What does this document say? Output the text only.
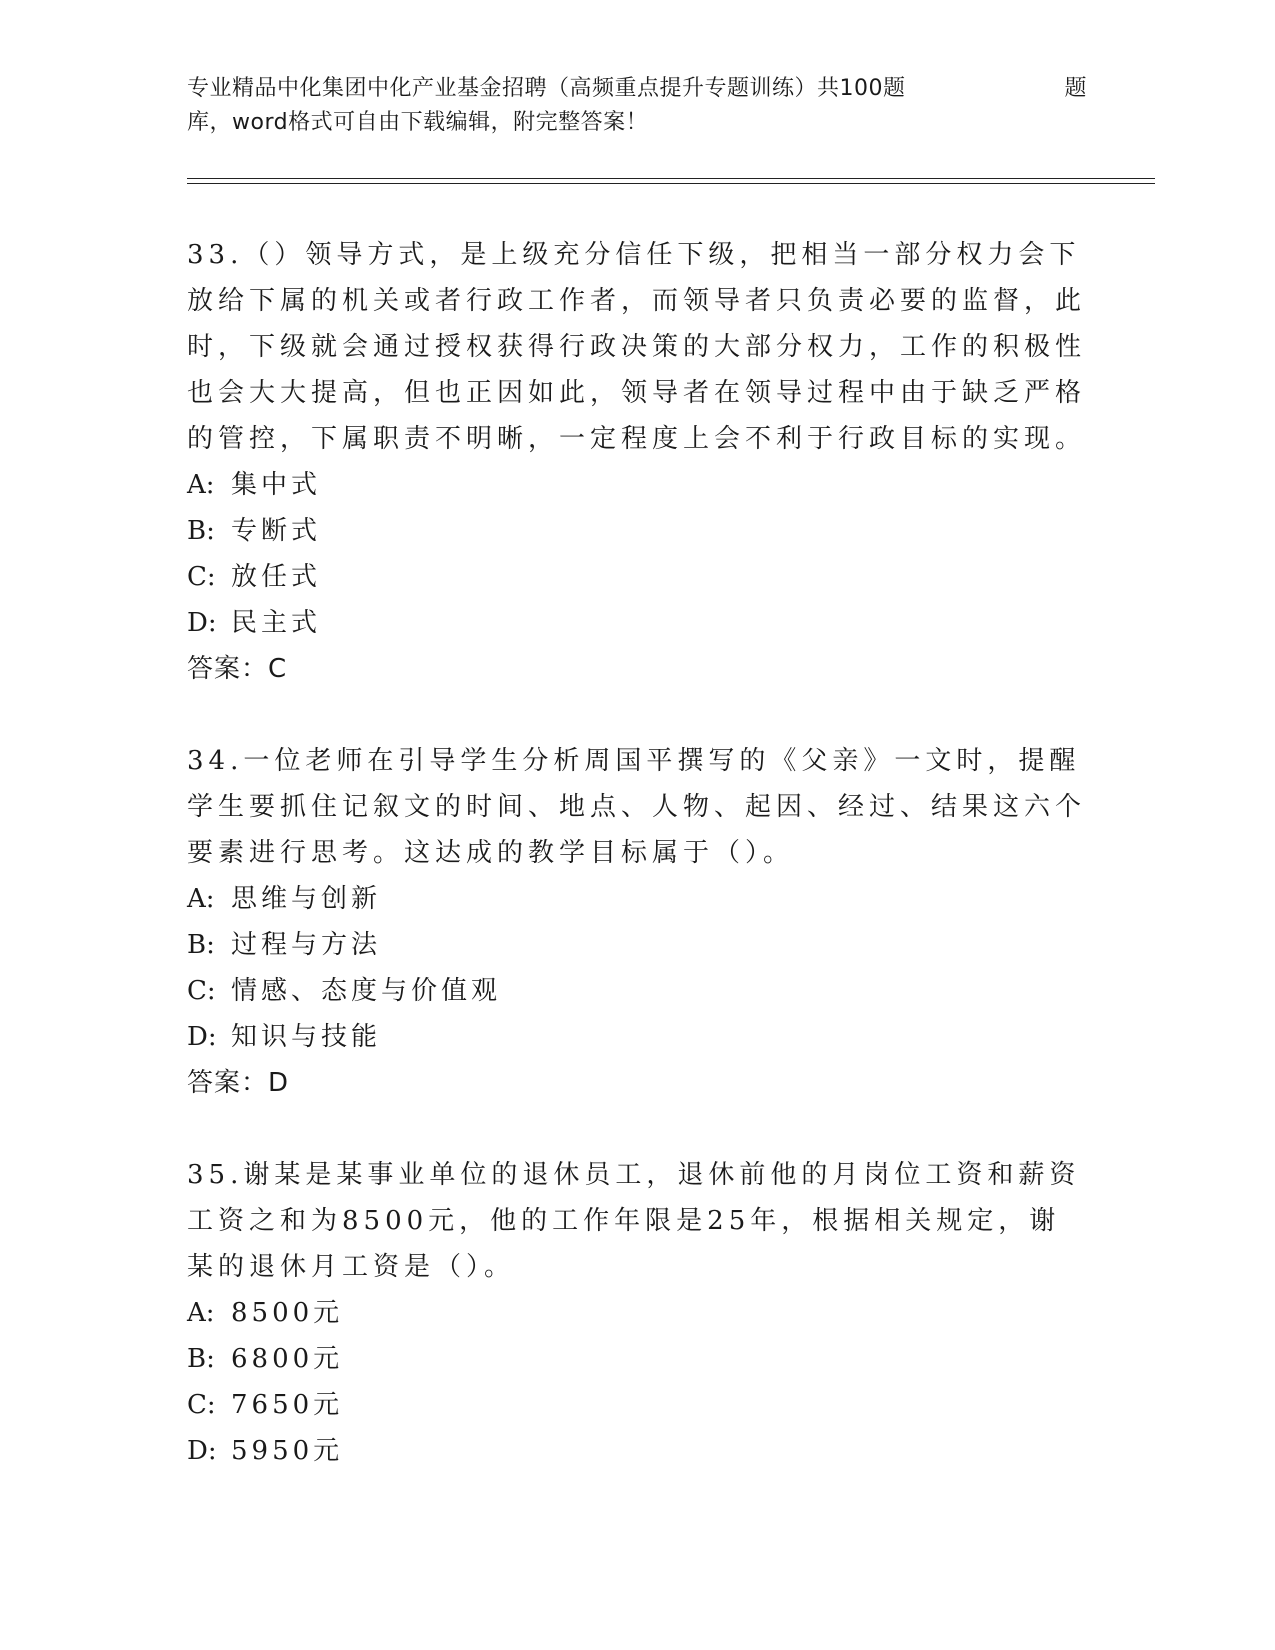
专业精品中化集团中化产业基金招聘（高频重点提升专题训练）共100题	题
库，word格式可自由下载编辑，附完整答案！

33.（）领导方式，是上级充分信任下级，把相当一部分权力会下放给下属的机关或者行政工作者，而领导者只负责必要的监督，此时，下级就会通过授权获得行政决策的大部分权力，工作的积极性也会大大提高，但也正因如此，领导者在领导过程中由于缺乏严格的管控，下属职责不明晰，一定程度上会不利于行政目标的实现。

A: 集中式
B: 专断式
C: 放任式
D: 民主式
答案：C

34.一位老师在引导学生分析周国平撰写的《父亲》一文时，提醒学生要抓住记叙文的时间、地点、人物、起因、经过、结果这六个要素进行思考。这达成的教学目标属于（）。

A: 思维与创新
B: 过程与方法
C: 情感、态度与价值观
D: 知识与技能
答案：D

35.谢某是某事业单位的退休员工，退休前他的月岗位工资和薪资工资之和为8500元，他的工作年限是25年，根据相关规定，谢某的退休月工资是（）。

A: 8500元
B: 6800元
C: 7650元
D: 5950元
